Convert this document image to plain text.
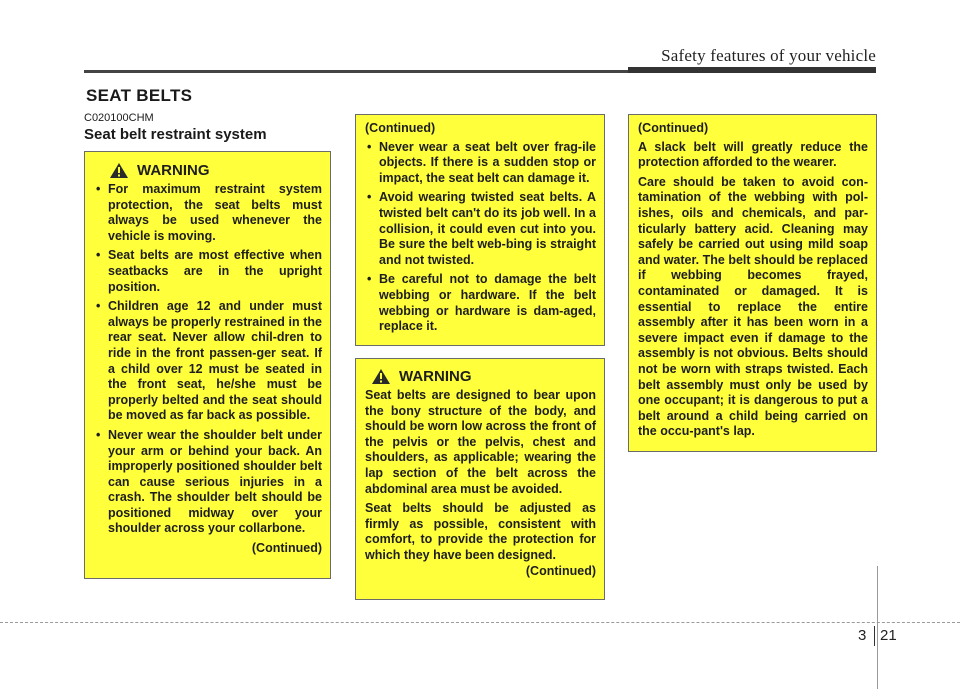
Safety features of your vehicle
SEAT BELTS
C020100CHM
Seat belt restraint system
WARNING
• For maximum restraint system protection, the seat belts must always be used whenever the vehicle is moving.
• Seat belts are most effective when seatbacks are in the upright position.
• Children age 12 and under must always be properly restrained in the rear seat. Never allow chil-dren to ride in the front passen-ger seat. If a child over 12 must be seated in the front seat, he/she must be properly belted and the seat should be moved as far back as possible.
• Never wear the shoulder belt under your arm or behind your back. An improperly positioned shoulder belt can cause serious injuries in a crash. The shoulder belt should be positioned midway over your shoulder across your collarbone.
(Continued)
(Continued)
• Never wear a seat belt over frag-ile objects. If there is a sudden stop or impact, the seat belt can damage it.
• Avoid wearing twisted seat belts. A twisted belt can't do its job well. In a collision, it could even cut into you. Be sure the belt web-bing is straight and not twisted.
• Be careful not to damage the belt webbing or hardware. If the belt webbing or hardware is dam-aged, replace it.
WARNING

Seat belts are designed to bear upon the bony structure of the body, and should be worn low across the front of the pelvis or the pelvis, chest and shoulders, as applicable; wearing the lap section of the belt across the abdominal area must be avoided.

Seat belts should be adjusted as firmly as possible, consistent with comfort, to provide the protection for which they have been designed.

(Continued)
(Continued)

A slack belt will greatly reduce the protection afforded to the wearer.

Care should be taken to avoid con-tamination of the webbing with pol-ishes, oils and chemicals, and par-ticularly battery acid. Cleaning may safely be carried out using mild soap and water. The belt should be replaced if webbing becomes frayed, contaminated or damaged. It is essential to replace the entire assembly after it has been worn in a severe impact even if damage to the assembly is not obvious. Belts should not be worn with straps twisted. Each belt assembly must only be used by one occupant; it is dangerous to put a belt around a child being carried on the occu-pant's lap.

3 21
